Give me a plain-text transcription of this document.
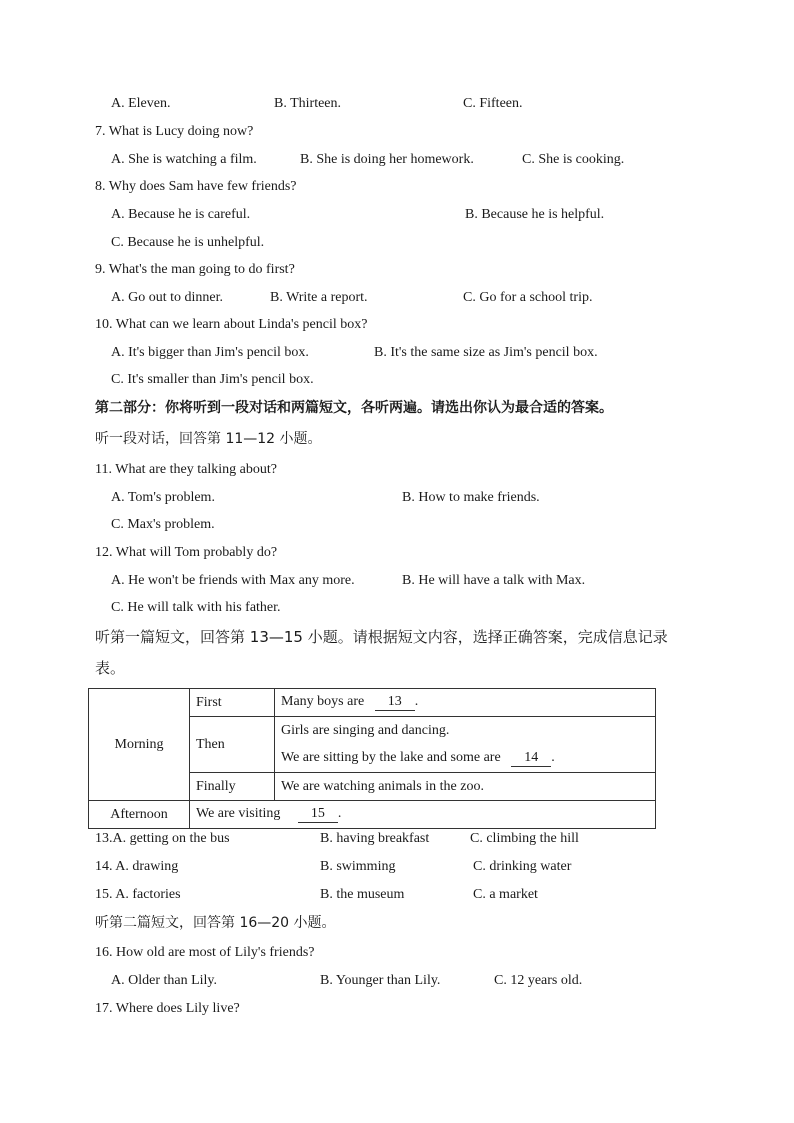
A. Eleven.	B. Thirteen.	C. Fifteen.
7. What is Lucy doing now?
A. She is watching a film.	B. She is doing her homework.	C. She is cooking.
8. Why does Sam have few friends?
A. Because he is careful.	B. Because he is helpful.
C. Because he is unhelpful.
9. What's the man going to do first?
A. Go out to dinner.	B. Write a report.	C. Go for a school trip.
10. What can we learn about Linda's pencil box?
A. It's bigger than Jim's pencil box.	B. It's the same size as Jim's pencil box.
C. It's smaller than Jim's pencil box.
第二部分：你将听到一段对话和两篇短文，各听两遍。请选出你认为最合适的答案。
听一段对话，回答第 11—12 小题。
11. What are they talking about?
A. Tom's problem.	B. How to make friends.
C. Max's problem.
12. What will Tom probably do?
A. He won't be friends with Max any more.	B. He will have a talk with Max.
C. He will talk with his father.
听第一篇短文，回答第 13—15 小题。请根据短文内容，选择正确答案，完成信息记录
表。
Morning	First	Many boys are 13 .
	Then	Girls are singing and dancing.
		We are sitting by the lake and some are 14 .
	Finally	We are watching animals in the zoo.
Afternoon	We are visiting 15 .	
13.A. getting on the bus	B. having breakfast	C. climbing the hill
14. A. drawing	B. swimming	C. drinking water
15. A. factories	B. the museum	C. a market
听第二篇短文，回答第 16—20 小题。
16. How old are most of Lily's friends?
A. Older than Lily.	B. Younger than Lily.	C. 12 years old.
17. Where does Lily live?
